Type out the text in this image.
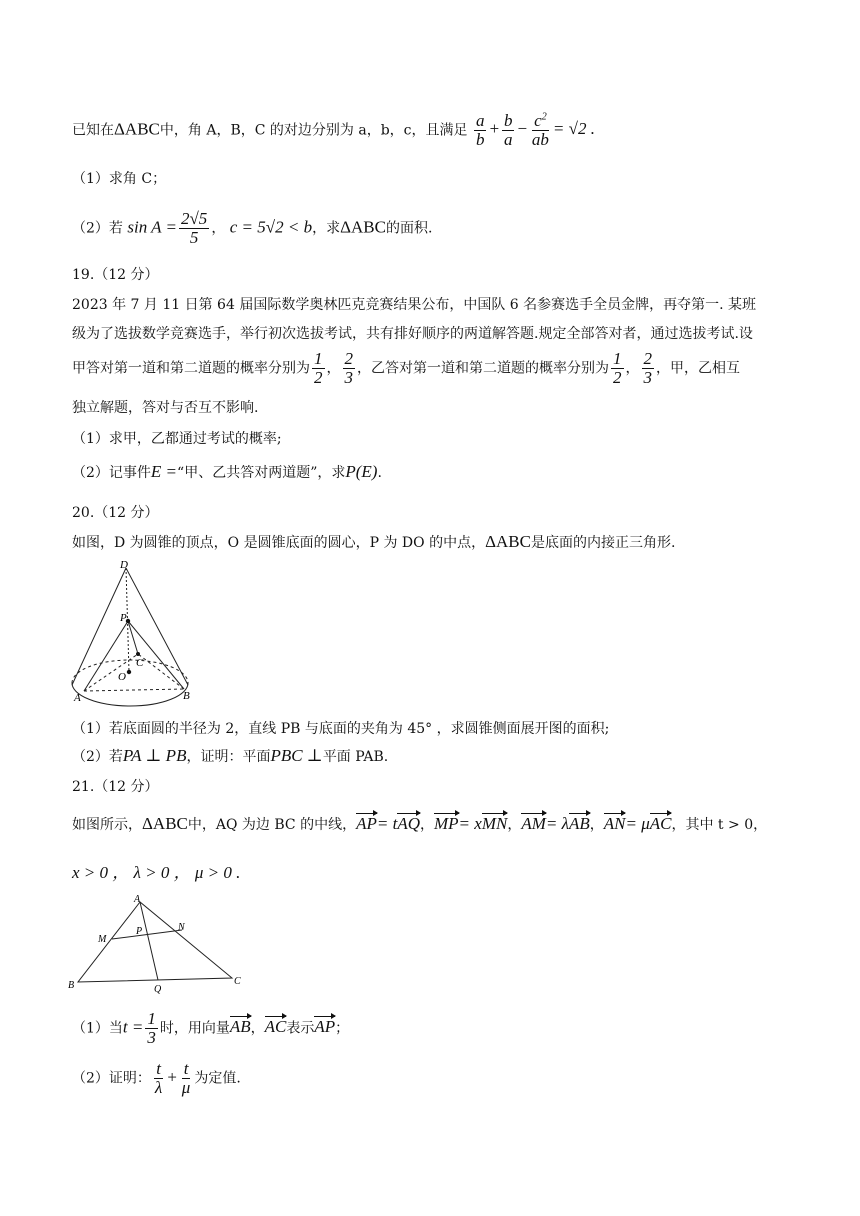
已知在ΔABC中，角 A，B，C 的对边分别为 a，b，c，且满足 $\frac{a}{b} + \frac{b}{a} - \frac{c^2}{ab} = √2$ .
（1）求角 C；
（2）若 $\sin A = \frac{2√5}{5}$ ， c = 5√2 < b，求ΔABC的面积.
19.（12 分）
2023 年 7 月 11 日第 64 届国际数学奥林匹克竞赛结果公布，中国队 6 名参赛选手全员金牌，再夺第一. 某班
级为了选拔数学竞赛选手，举行初次选拔考试，共有排好顺序的两道解答题.规定全部答对者，通过选拔考试.设
甲答对第一道和第二道题的概率分别为 $\frac{1}{2}$ ， $\frac{2}{3}$ ，乙答对第一道和第二道题的概率分别为 $\frac{1}{2}$ ， $\frac{2}{3}$ ，甲，乙相互
独立解题，答对与否互不影响.
（1）求甲，乙都通过考试的概率;
（2）记事件E =“甲、乙共答对两道题”，求P(E).
20.（12 分）
如图，D 为圆锥的顶点，O 是圆锥底面的圆心，P 为 DO 的中点，ΔABC是底面的内接正三角形.
D
P
C
O
A	B
（1）若底面圆的半径为 2，直线 PB 与底面的夹角为 45° ，求圆锥侧面展开图的面积;
（2）若PA ⊥ PB，证明：平面PBC ⊥平面 PAB.
21.（12 分）
如图所示，ΔABC中，AQ 为边 BC 的中线，AP= tAQ，MP= xMN，AM= λAB，AN= μAC，其中 t > 0，
x > 0 ， λ > 0 ， μ > 0 .
A
N
M
P
B	Q
C
（1）当$t = \frac{1}{3}$ 时，用向量AB，AC表示AP；
（2）证明： $\frac{t}{\lambda} + \frac{t}{\mu}$ 为定值.
